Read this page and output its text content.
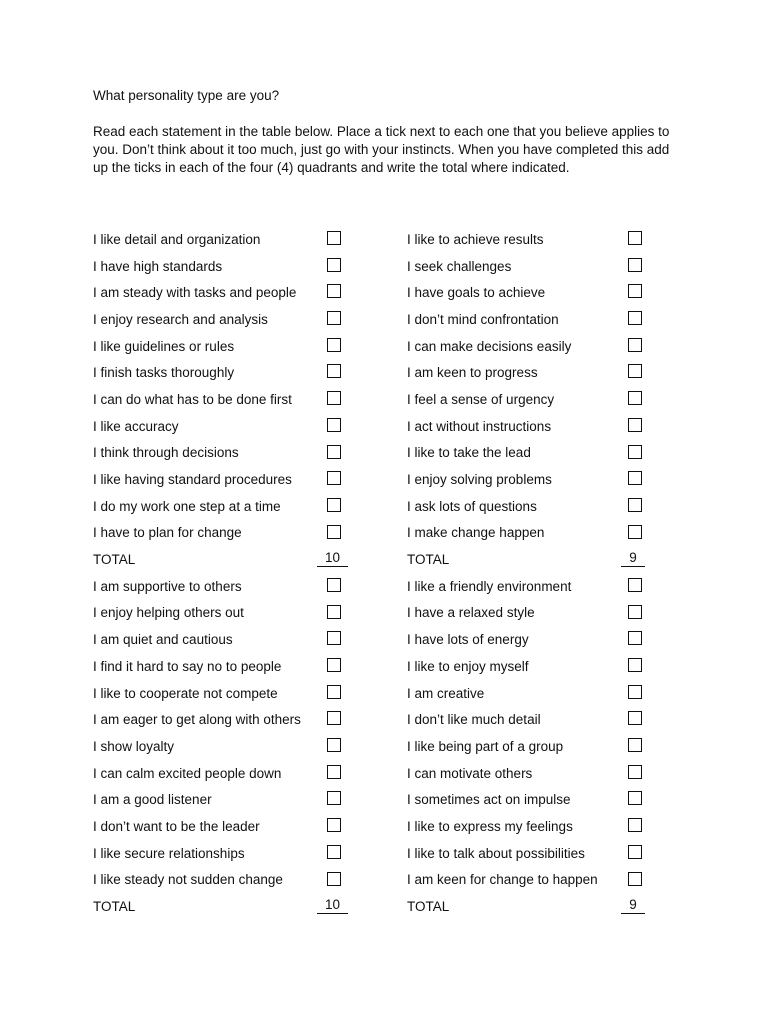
What personality type are you?
Read each statement in the table below. Place a tick next to each one that you believe applies to you. Don’t think about it too much, just go with your instincts. When you have completed this add up the ticks in each of the four (4) quadrants and write the total where indicated.
I like detail and organization
I have high standards
I am steady with tasks and people
I enjoy research and analysis
I like guidelines or rules
I finish tasks thoroughly
I can do what has to be done first
I like accuracy
I think through decisions
I like having standard procedures
I do my work one step at a time
I have to plan for change
TOTAL	10
I like to achieve results
I seek challenges
I have goals to achieve
I don’t mind confrontation
I can make decisions easily
I am keen to progress
I feel a sense of urgency
I act without instructions
I like to take the lead
I enjoy solving problems
I ask lots of questions
I make change happen
TOTAL	9
I am supportive to others
I enjoy helping others out
I am quiet and cautious
I find it hard to say no to people
I like to cooperate not compete
I am eager to get along with others
I show loyalty
I can calm excited people down
I am a good listener
I don’t want to be the leader
I like secure relationships
I like steady not sudden change
TOTAL	10
I like a friendly environment
I have a relaxed style
I have lots of energy
I like to enjoy myself
I am creative
I don’t like much detail
I like being part of a group
I can motivate others
I sometimes act on impulse
I like to express my feelings
I like to talk about possibilities
I am keen for change to happen
TOTAL	9
